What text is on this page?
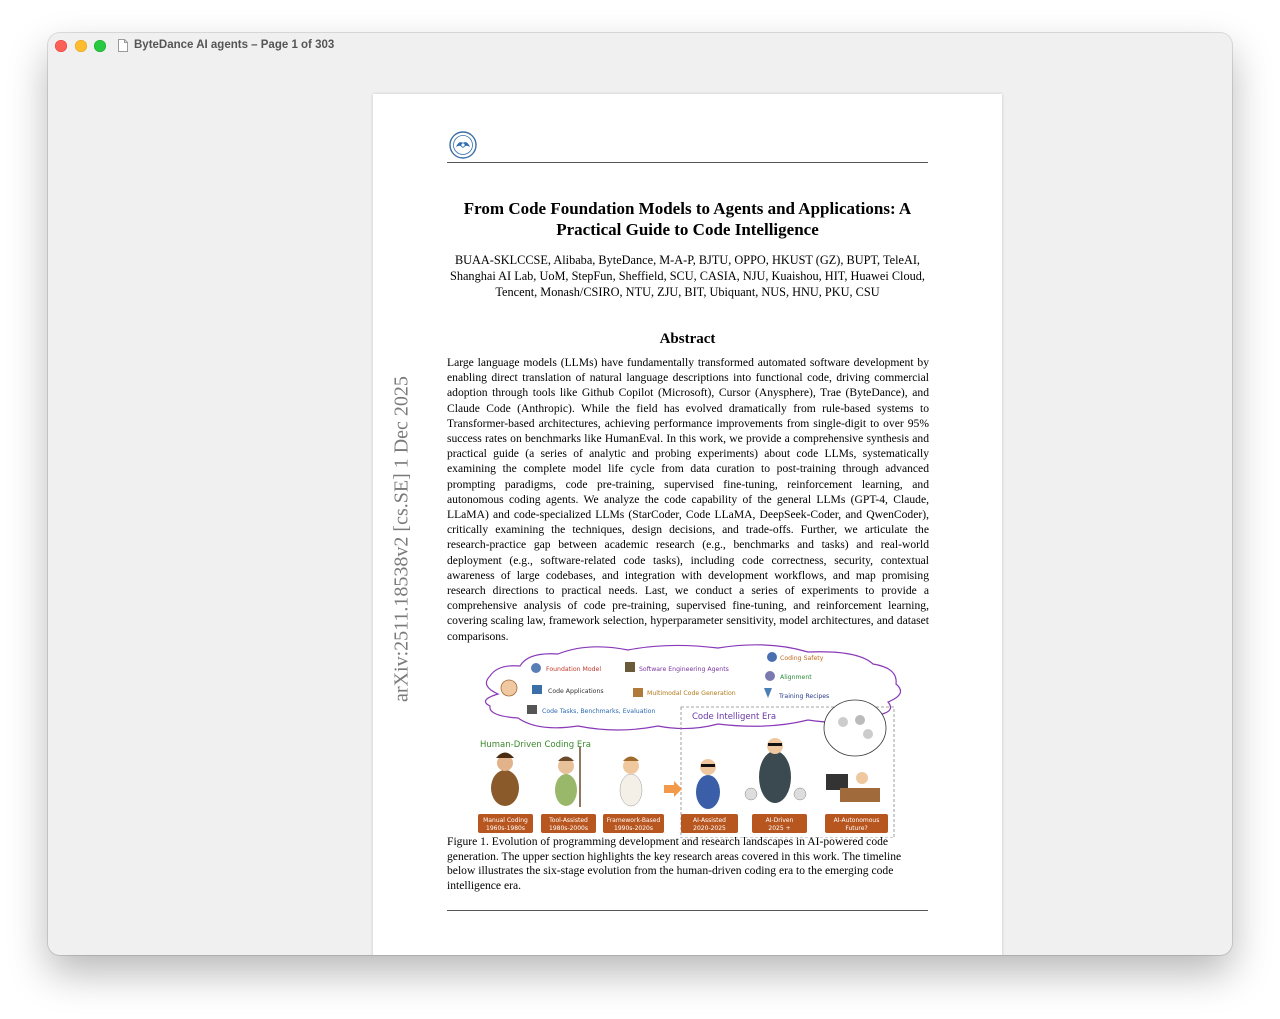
ByteDance AI agents – Page 1 of 303
From Code Foundation Models to Agents and Applications: A
Practical Guide to Code Intelligence
BUAA-SKLCCSE, Alibaba, ByteDance, M-A-P, BJTU, OPPO, HKUST (GZ), BUPT, TeleAI,
Shanghai AI Lab, UoM, StepFun, Sheffield, SCU, CASIA, NJU, Kuaishou, HIT, Huawei Cloud,
Tencent, Monash/CSIRO, NTU, ZJU, BIT, Ubiquant, NUS, HNU, PKU, CSU
Abstract
Large language models (LLMs) have fundamentally transformed automated software development by enabling direct translation of natural language descriptions into functional code, driving commercial adoption through tools like Github Copilot (Microsoft), Cursor (Anysphere), Trae (ByteDance), and Claude Code (Anthropic). While the field has evolved dramatically from rule-based systems to Transformer-based architectures, achieving performance improvements from single-digit to over 95% success rates on benchmarks like HumanEval. In this work, we provide a comprehensive synthesis and practical guide (a series of analytic and probing experiments) about code LLMs, systematically examining the complete model life cycle from data curation to post-training through advanced prompting paradigms, code pre-training, supervised fine-tuning, reinforcement learning, and autonomous coding agents. We analyze the code capability of the general LLMs (GPT-4, Claude, LLaMA) and code-specialized LLMs (StarCoder, Code LLaMA, DeepSeek-Coder, and QwenCoder), critically examining the techniques, design decisions, and trade-offs. Further, we articulate the research-practice gap between academic research (e.g., benchmarks and tasks) and real-world deployment (e.g., software-related code tasks), including code correctness, security, contextual awareness of large codebases, and integration with development workflows, and map promising research directions to practical needs. Last, we conduct a series of experiments to provide a comprehensive analysis of code pre-training, supervised fine-tuning, and reinforcement learning, covering scaling law, framework selection, hyperparameter sensitivity, model architectures, and dataset comparisons.
arXiv:2511.18538v2 [cs.SE] 1 Dec 2025	Foundation Model	Software Engineering Agents
Coding Safety
Alignment
Code Applications	Multimodal Code Generation	Training Recipes
Code Tasks, Benchmarks, Evaluation
Human-Driven Coding Era
Code Intelligent Era
Manual Coding
1960s-1980s
Tool-Assisted
1980s-2000s
Framework-Based
1990s-2020s
AI-Assisted
2020-2025
AI-Driven
2025 +
AI-Autonomous
Future?
Figure 1. Evolution of programming development and research landscapes in AI-powered code generation. The upper section highlights the key research areas covered in this work. The timeline below illustrates the six-stage evolution from the human-driven coding era to the emerging code intelligence era.
